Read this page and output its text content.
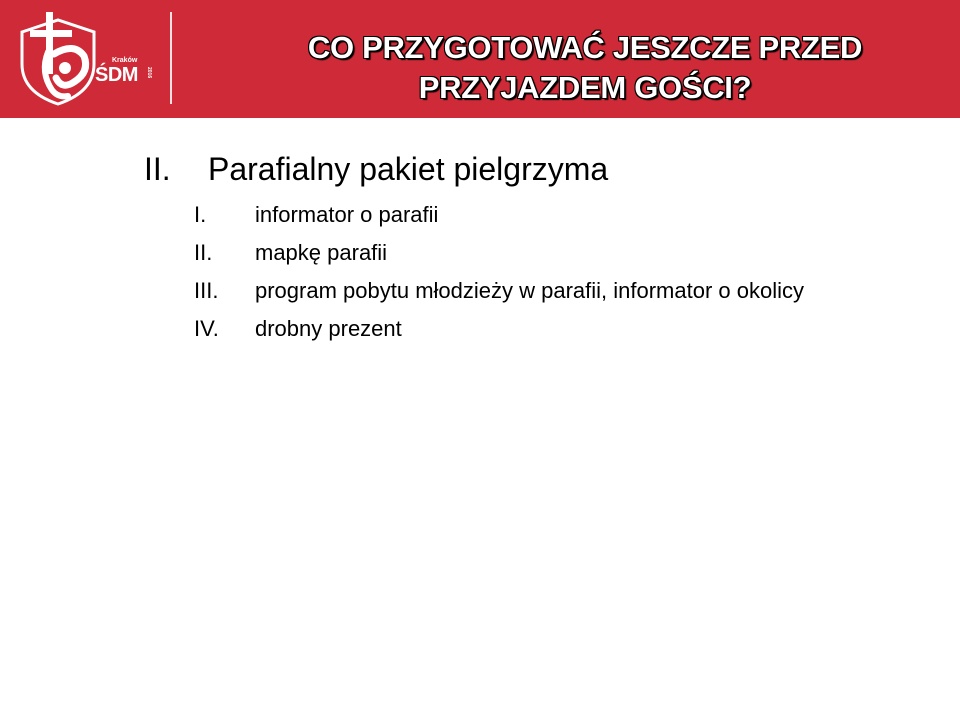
Kraków
ŚDM 2016
CO PRZYGOTOWAĆ JESZCZE PRZED
PRZYJAZDEM GOŚCI?
II. Parafialny pakiet pielgrzyma
I.	informator o parafii
II.	mapkę parafii
III.	program pobytu młodzieży w parafii, informator o okolicy
IV.	drobny prezent
